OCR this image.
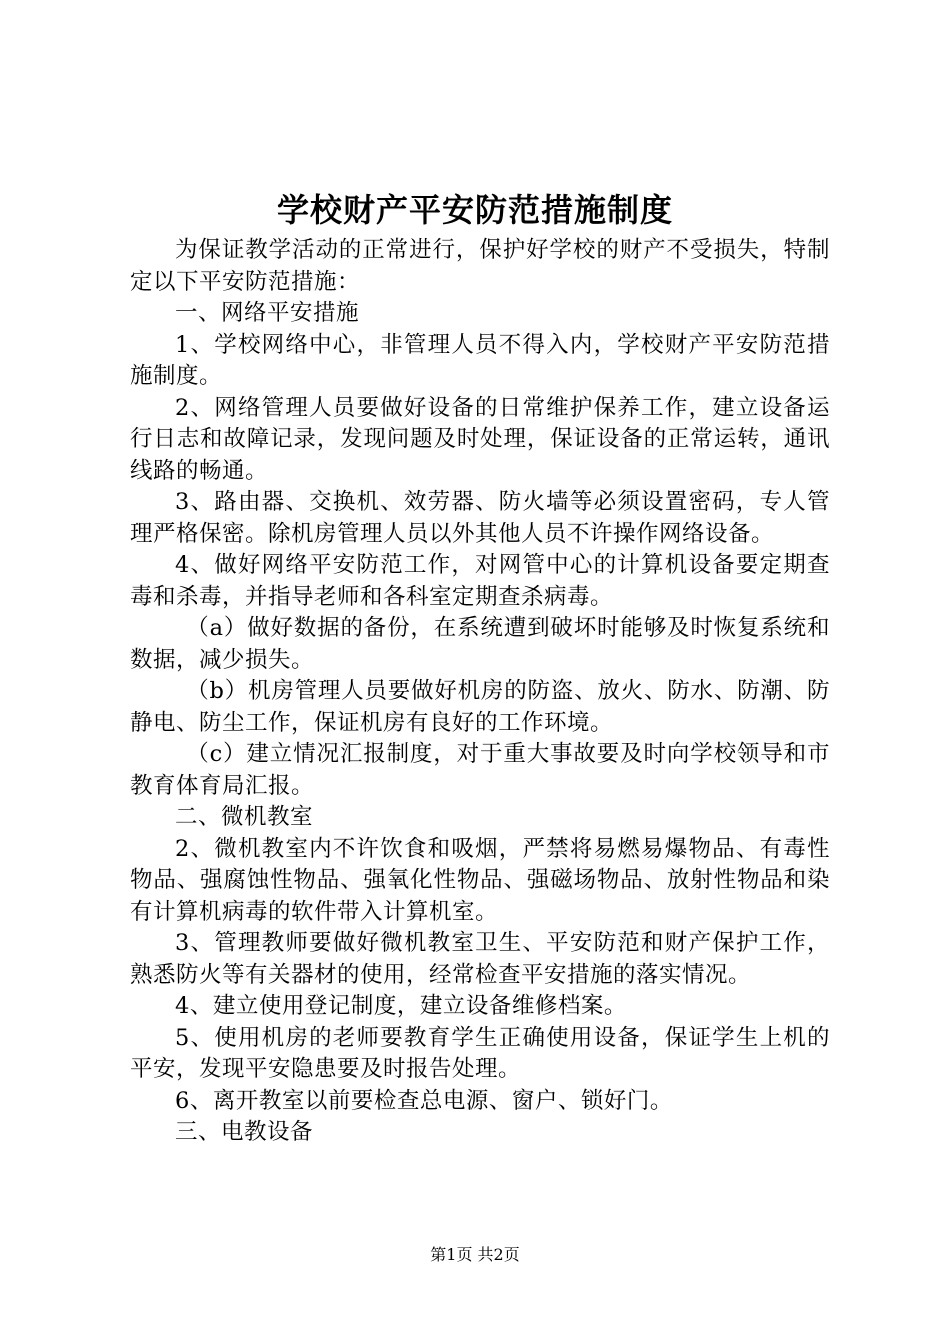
学校财产平安防范措施制度

为保证教学活动的正常进行，保护好学校的财产不受损失，特制定以下平安防范措施：

一、网络平安措施

1、学校网络中心，非管理人员不得入内，学校财产平安防范措施制度。

2、网络管理人员要做好设备的日常维护保养工作，建立设备运行日志和故障记录，发现问题及时处理，保证设备的正常运转，通讯线路的畅通。

3、路由器、交换机、效劳器、防火墙等必须设置密码，专人管理严格保密。除机房管理人员以外其他人员不许操作网络设备。

4、做好网络平安防范工作，对网管中心的计算机设备要定期查毒和杀毒，并指导老师和各科室定期查杀病毒。

（a）做好数据的备份，在系统遭到破坏时能够及时恢复系统和数据，减少损失。

（b）机房管理人员要做好机房的防盗、放火、防水、防潮、防静电、防尘工作，保证机房有良好的工作环境。

（c）建立情况汇报制度，对于重大事故要及时向学校领导和市教育体育局汇报。

二、微机教室

2、微机教室内不许饮食和吸烟，严禁将易燃易爆物品、有毒性物品、强腐蚀性物品、强氧化性物品、强磁场物品、放射性物品和染有计算机病毒的软件带入计算机室。

3、管理教师要做好微机教室卫生、平安防范和财产保护工作，熟悉防火等有关器材的使用，经常检查平安措施的落实情况。

4、建立使用登记制度，建立设备维修档案。

5、使用机房的老师要教育学生正确使用设备，保证学生上机的平安，发现平安隐患要及时报告处理。

6、离开教室以前要检查总电源、窗户、锁好门。

三、电教设备

第1页 共2页
